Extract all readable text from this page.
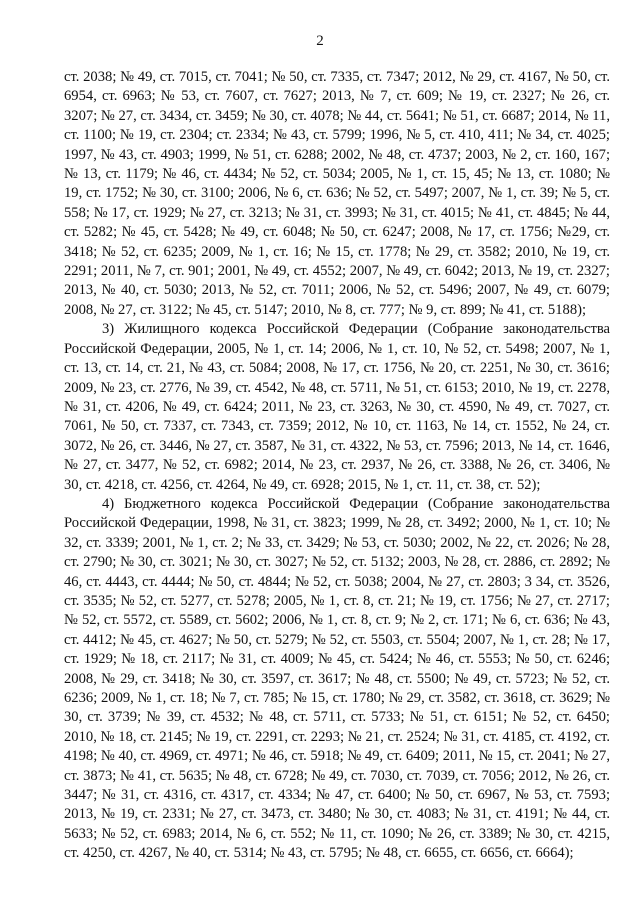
2

ст. 2038; № 49, ст. 7015, ст. 7041; № 50, ст. 7335, ст. 7347; 2012, № 29, ст. 4167, № 50, ст. 6954, ст. 6963; № 53, ст. 7607, ст. 7627; 2013, № 7, ст. 609; № 19, ст. 2327; № 26, ст. 3207; № 27, ст. 3434, ст. 3459; № 30, ст. 4078; № 44, ст. 5641; № 51, ст. 6687; 2014, № 11, ст. 1100; № 19, ст. 2304; ст. 2334; № 43, ст. 5799; 1996, № 5, ст. 410, 411; № 34, ст. 4025; 1997, № 43, ст. 4903; 1999, № 51, ст. 6288; 2002, № 48, ст. 4737; 2003, № 2, ст. 160, 167; № 13, ст. 1179; № 46, ст. 4434; № 52, ст. 5034; 2005, № 1, ст. 15, 45; № 13, ст. 1080; № 19, ст. 1752; № 30, ст. 3100; 2006, № 6, ст. 636; № 52, ст. 5497; 2007, № 1, ст. 39; № 5, ст. 558; № 17, ст. 1929; № 27, ст. 3213; № 31, ст. 3993; № 31, ст. 4015; № 41, ст. 4845; № 44, ст. 5282; № 45, ст. 5428; № 49, ст. 6048; № 50, ст. 6247; 2008, № 17, ст. 1756; №29, ст. 3418; № 52, ст. 6235; 2009, № 1, ст. 16; № 15, ст. 1778; № 29, ст. 3582; 2010, № 19, ст. 2291; 2011, № 7, ст. 901; 2001, № 49, ст. 4552; 2007, № 49, ст. 6042; 2013, № 19, ст. 2327; 2013, № 40, ст. 5030; 2013, № 52, ст. 7011; 2006, № 52, ст. 5496; 2007, № 49, ст. 6079; 2008, № 27, ст. 3122; № 45, ст. 5147; 2010, № 8, ст. 777; № 9, ст. 899; № 41, ст. 5188);

3) Жилищного кодекса Российской Федерации (Собрание законодательства Российской Федерации, 2005, № 1, ст. 14; 2006, № 1, ст. 10, № 52, ст. 5498; 2007, № 1, ст. 13, ст. 14, ст. 21, № 43, ст. 5084; 2008, № 17, ст. 1756, № 20, ст. 2251, № 30, ст. 3616; 2009, № 23, ст. 2776, № 39, ст. 4542, № 48, ст. 5711, № 51, ст. 6153; 2010, № 19, ст. 2278, № 31, ст. 4206, № 49, ст. 6424; 2011, № 23, ст. 3263, № 30, ст. 4590, № 49, ст. 7027, ст. 7061, № 50, ст. 7337, ст. 7343, ст. 7359; 2012, № 10, ст. 1163, № 14, ст. 1552, № 24, ст. 3072, № 26, ст. 3446, № 27, ст. 3587, № 31, ст. 4322, № 53, ст. 7596; 2013, № 14, ст. 1646, № 27, ст. 3477, № 52, ст. 6982; 2014, № 23, ст. 2937, № 26, ст. 3388, № 26, ст. 3406, № 30, ст. 4218, ст. 4256, ст. 4264, № 49, ст. 6928; 2015, № 1, ст. 11, ст. 38, ст. 52);

4) Бюджетного кодекса Российской Федерации (Собрание законодательства Российской Федерации, 1998, № 31, ст. 3823; 1999, № 28, ст. 3492; 2000, № 1, ст. 10; № 32, ст. 3339; 2001, № 1, ст. 2; № 33, ст. 3429; № 53, ст. 5030; 2002, № 22, ст. 2026; № 28, ст. 2790; № 30, ст. 3021; № 30, ст. 3027; № 52, ст. 5132; 2003, № 28, ст. 2886, ст. 2892; № 46, ст. 4443, ст. 4444; № 50, ст. 4844; № 52, ст. 5038; 2004, № 27, ст. 2803; 3 34, ст. 3526, ст. 3535; № 52, ст. 5277, ст. 5278; 2005, № 1, ст. 8, ст. 21; № 19, ст. 1756; № 27, ст. 2717; № 52, ст. 5572, ст. 5589, ст. 5602; 2006, № 1, ст. 8, ст. 9; № 2, ст. 171; № 6, ст. 636; № 43, ст. 4412; № 45, ст. 4627; № 50, ст. 5279; № 52, ст. 5503, ст. 5504; 2007, № 1, ст. 28; № 17, ст. 1929; № 18, ст. 2117; № 31, ст. 4009; № 45, ст. 5424; № 46, ст. 5553; № 50, ст. 6246; 2008, № 29, ст. 3418; № 30, ст. 3597, ст. 3617; № 48, ст. 5500; № 49, ст. 5723; № 52, ст. 6236; 2009, № 1, ст. 18; № 7, ст. 785; № 15, ст. 1780; № 29, ст. 3582, ст. 3618, ст. 3629; № 30, ст. 3739; № 39, ст. 4532; № 48, ст. 5711, ст. 5733; № 51, ст. 6151; № 52, ст. 6450; 2010, № 18, ст. 2145; № 19, ст. 2291, ст. 2293; № 21, ст. 2524; № 31, ст. 4185, ст. 4192, ст. 4198; № 40, ст. 4969, ст. 4971; № 46, ст. 5918; № 49, ст. 6409; 2011, № 15, ст. 2041; № 27, ст. 3873; № 41, ст. 5635; № 48, ст. 6728; № 49, ст. 7030, ст. 7039, ст. 7056; 2012, № 26, ст. 3447; № 31, ст. 4316, ст. 4317, ст. 4334; № 47, ст. 6400; № 50, ст. 6967, № 53, ст. 7593; 2013, № 19, ст. 2331; № 27, ст. 3473, ст. 3480; № 30, ст. 4083; № 31, ст. 4191; № 44, ст. 5633; № 52, ст. 6983; 2014, № 6, ст. 552; № 11, ст. 1090; № 26, ст. 3389; № 30, ст. 4215, ст. 4250, ст. 4267, № 40, ст. 5314; № 43, ст. 5795; № 48, ст. 6655, ст. 6656, ст. 6664);
